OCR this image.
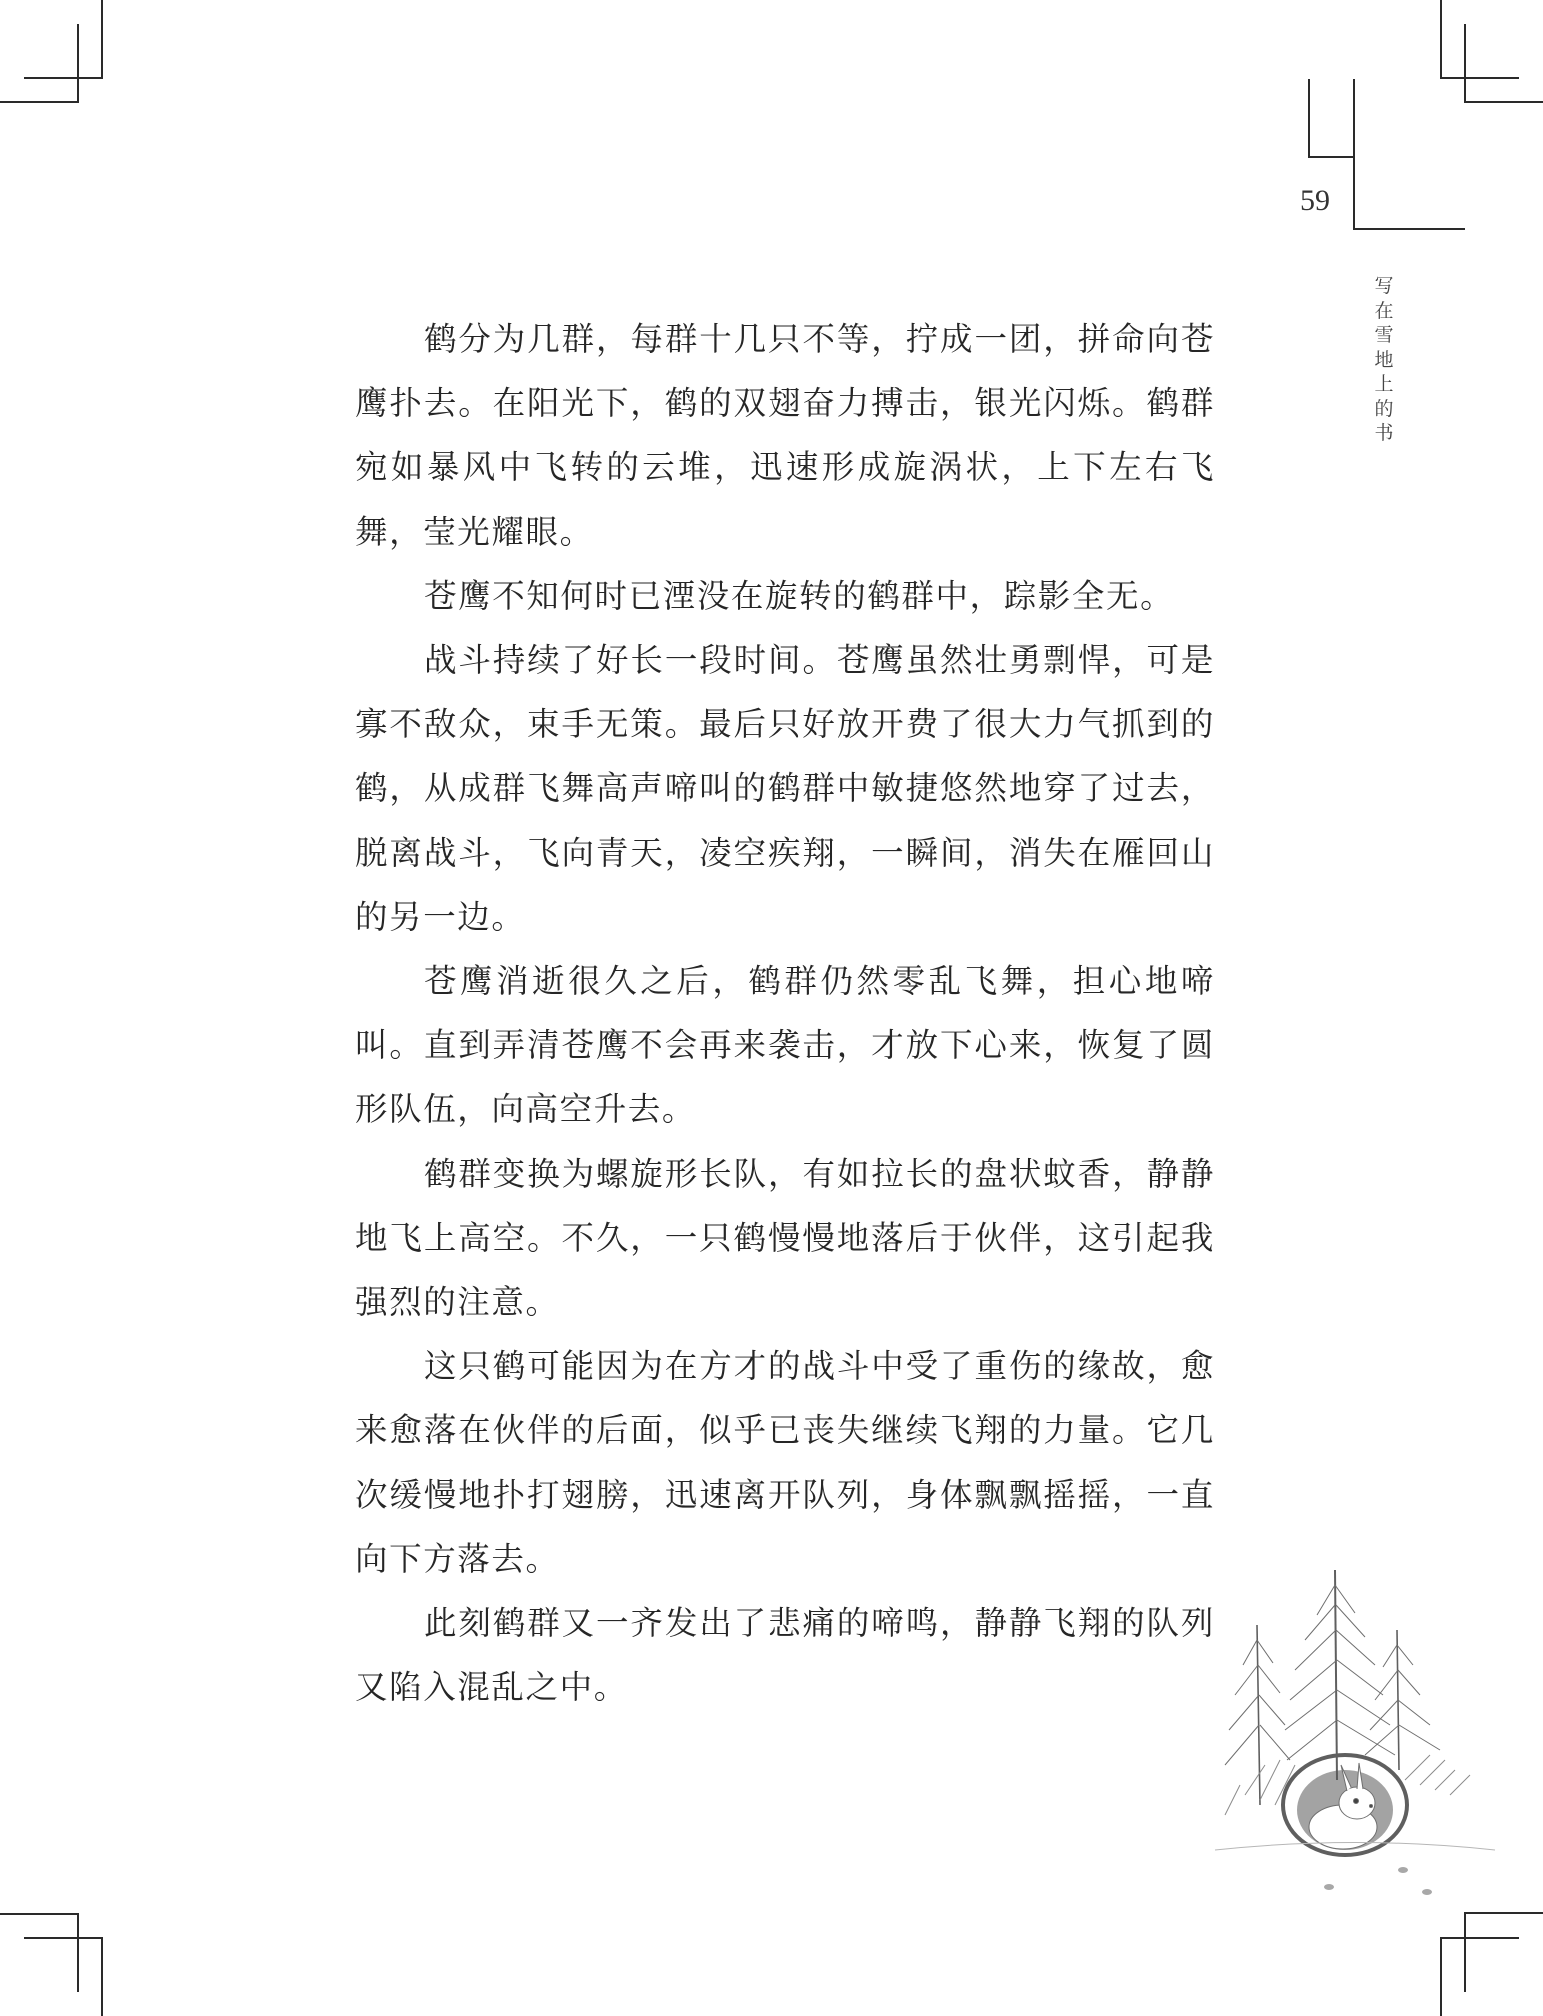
59
写
在
雪
地
上
的
书

鹤分为几群，每群十几只不等，拧成一团，拼命向苍鹰扑去。在阳光下，鹤的双翅奋力搏击，银光闪烁。鹤群宛如暴风中飞转的云堆，迅速形成旋涡状，上下左右飞舞，莹光耀眼。

苍鹰不知何时已湮没在旋转的鹤群中，踪影全无。

战斗持续了好长一段时间。苍鹰虽然壮勇剽悍，可是寡不敌众，束手无策。最后只好放开费了很大力气抓到的鹤，从成群飞舞高声啼叫的鹤群中敏捷悠然地穿了过去，脱离战斗，飞向青天，凌空疾翔，一瞬间，消失在雁回山的另一边。

苍鹰消逝很久之后，鹤群仍然零乱飞舞，担心地啼叫。直到弄清苍鹰不会再来袭击，才放下心来，恢复了圆形队伍，向高空升去。

鹤群变换为螺旋形长队，有如拉长的盘状蚊香，静静地飞上高空。不久，一只鹤慢慢地落后于伙伴，这引起我强烈的注意。

这只鹤可能因为在方才的战斗中受了重伤的缘故，愈来愈落在伙伴的后面，似乎已丧失继续飞翔的力量。它几次缓慢地扑打翅膀，迅速离开队列，身体飘飘摇摇，一直向下方落去。

此刻鹤群又一齐发出了悲痛的啼鸣，静静飞翔的队列又陷入混乱之中。
